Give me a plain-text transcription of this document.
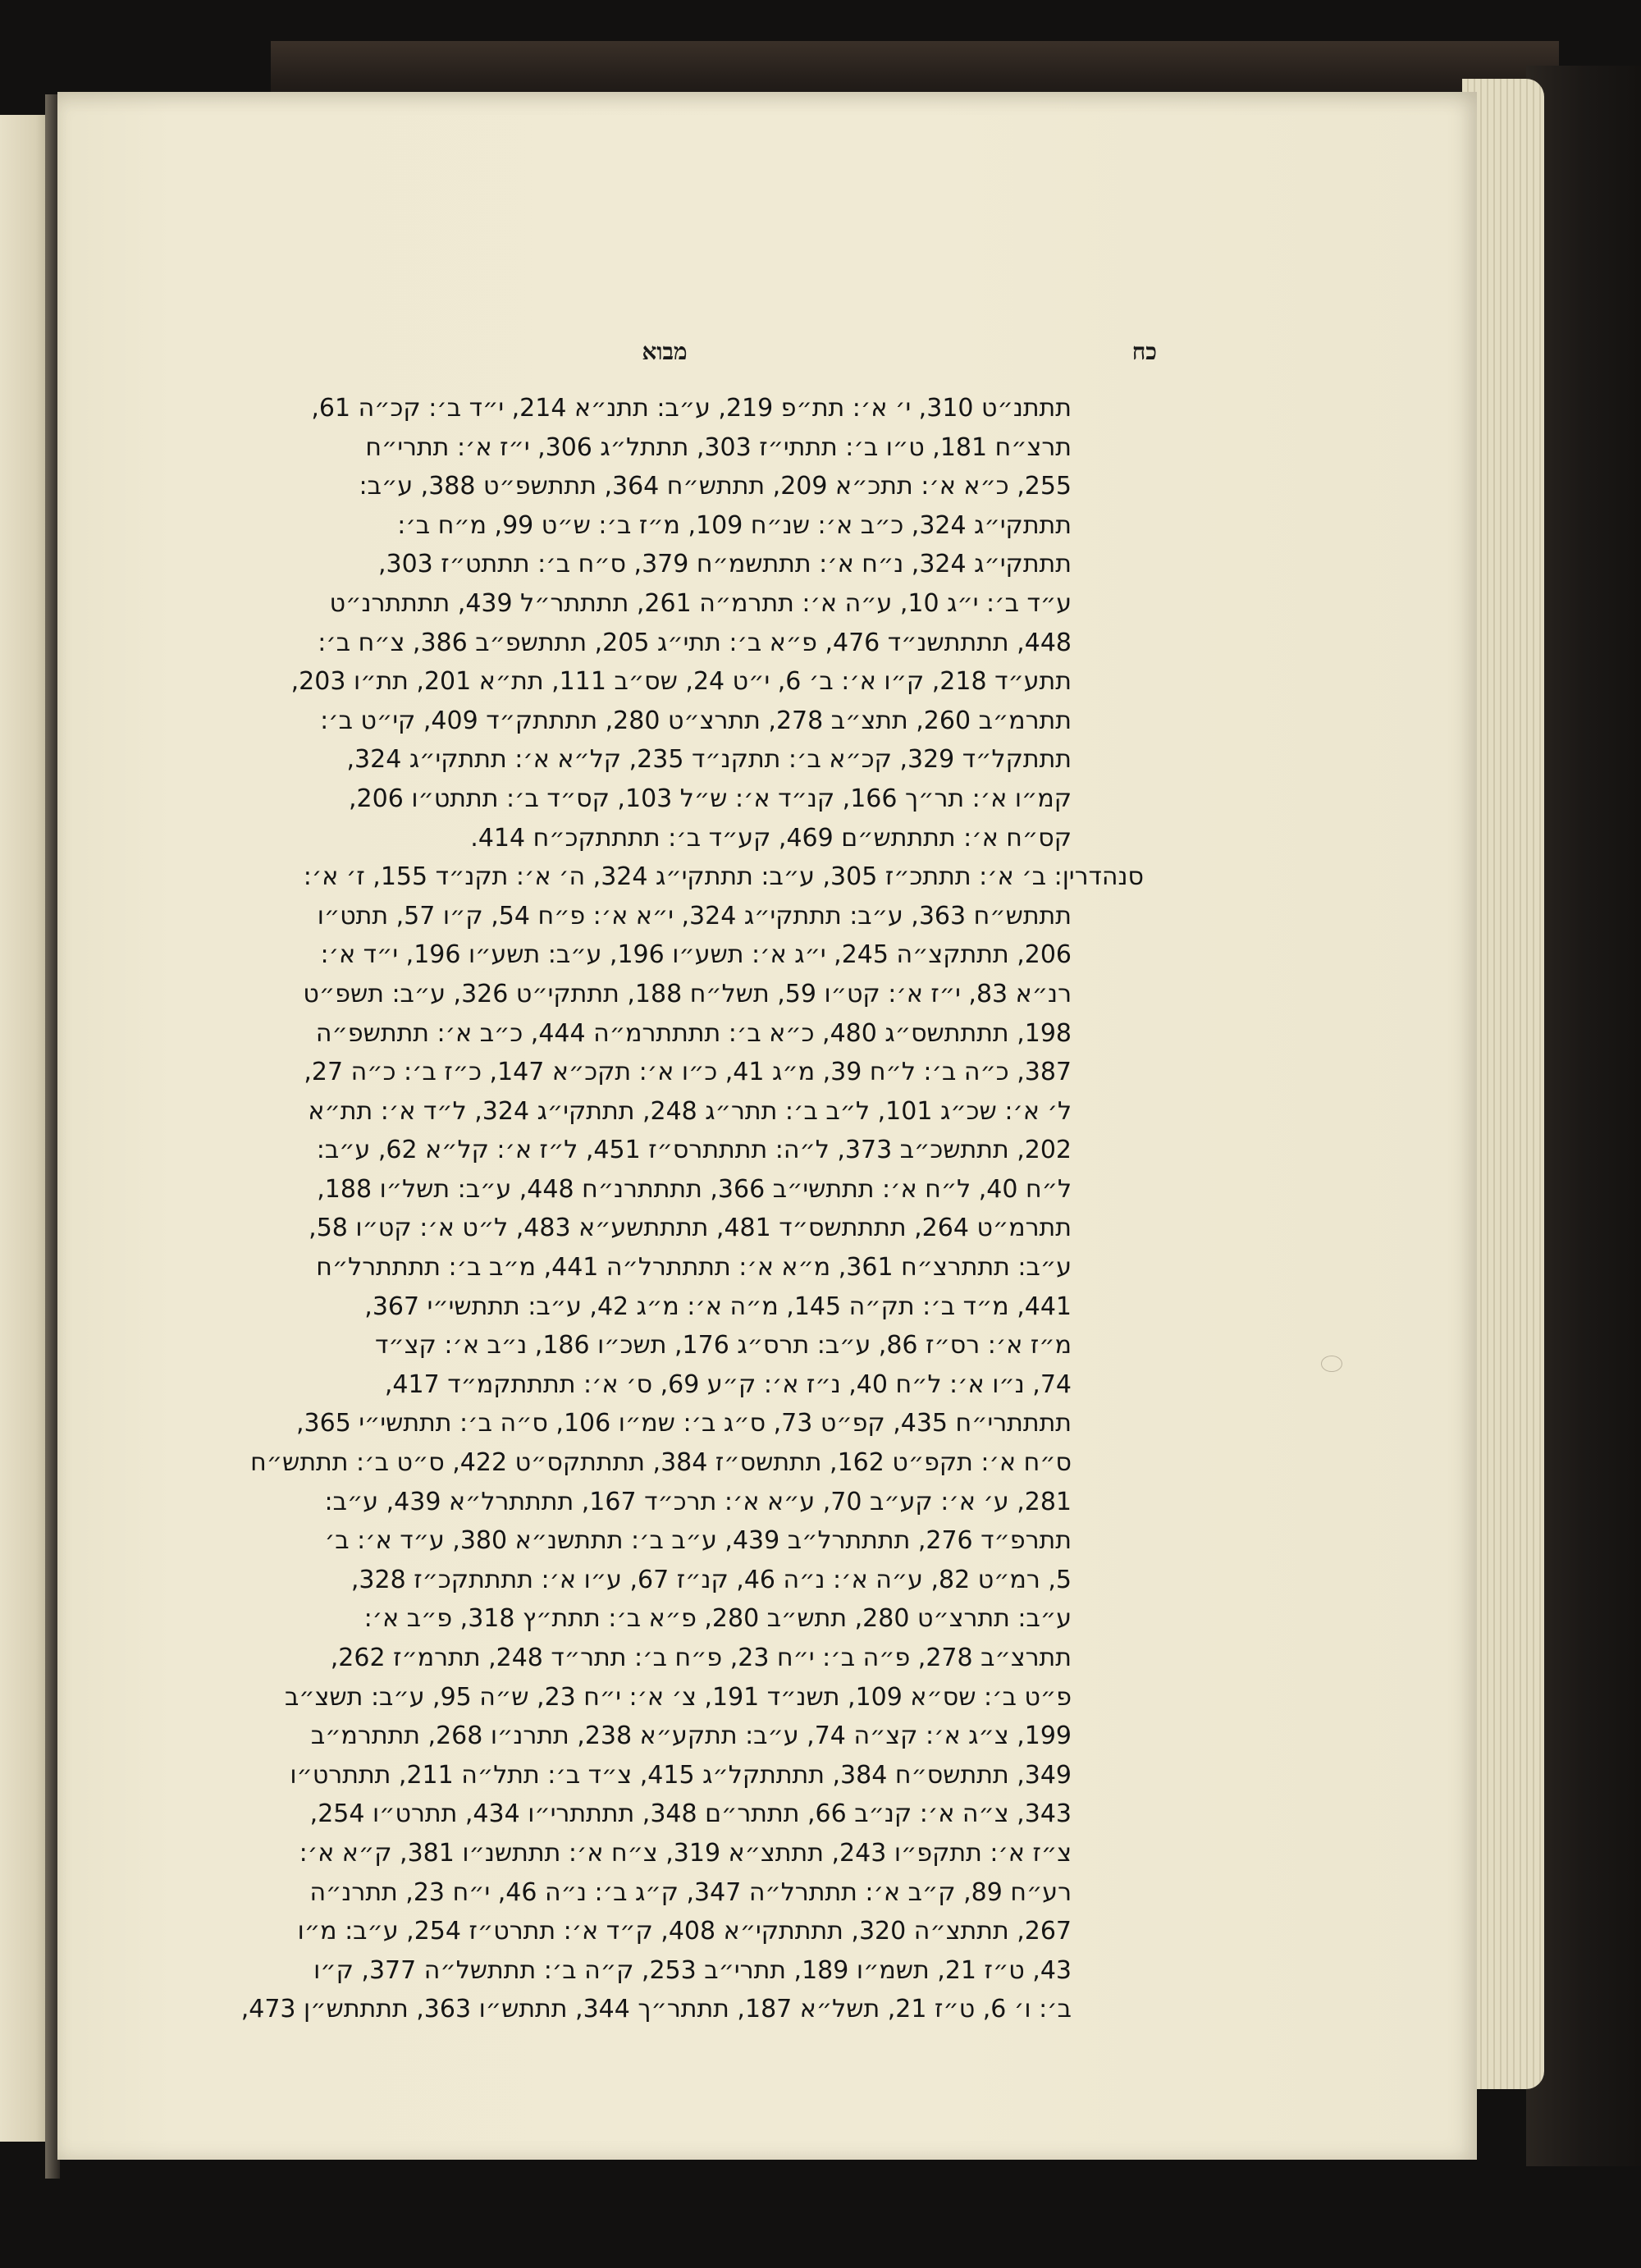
כח
מבוא
תתתנ״ט 310, י׳ א׳: תת״פ 219, ע״ב: תתנ״א 214, י״ד ב׳: קכ״ה 61,
תרצ״ח 181, ט״ו ב׳: תתתי״ז 303, תתתל״ג 306, י״ז א׳: תתרי״ח
255, כ״א א׳: תתכ״א 209, תתתש״ח 364, תתתשפ״ט 388, ע״ב:
תתתקי״ג 324, כ״ב א׳: שנ״ח 109, מ״ז ב׳: ש״ט 99, מ״ח ב׳:
תתתקי״ג 324, נ״ח א׳: תתתשמ״ח 379, ס״ח ב׳: תתתט״ז 303,
ע״ד ב׳: י״ג 10, ע״ה א׳: תתרמ״ה 261, תתתתר״ל 439, תתתתרנ״ט
448, תתתתשנ״ד 476, פ״א ב׳: תתי״ג 205, תתתשפ״ב 386, צ״ח ב׳:
תתע״ד 218, ק״ו א׳: ב׳ 6, י״ט 24, שס״ב 111, תת״א 201, תת״ו 203,
תתרמ״ב 260, תתצ״ב 278, תתרצ״ט 280, תתתתק״ד 409, קי״ט ב׳:
תתתקל״ד 329, קכ״א ב׳: תתקנ״ד 235, קל״א א׳: תתתקי״ג 324,
קמ״ו א׳: תר״ך 166, קנ״ד א׳: ש״ל 103, קס״ד ב׳: תתתט״ו 206,
קס״ח א׳: תתתתש״ם 469, קע״ד ב׳: תתתתקכ״ח 414.
סנהדרין: ב׳ א׳: תתתכ״ז 305, ע״ב: תתתקי״ג 324, ה׳ א׳: תקנ״ד 155, ז׳ א׳:
תתתש״ח 363, ע״ב: תתתקי״ג 324, י״א א׳: פ״ח 54, ק״ו 57, תתט״ו
206, תתתקצ״ה 245, י״ג א׳: תשע״ו 196, ע״ב: תשע״ו 196, י״ד א׳:
רנ״א 83, י״ז א׳: קט״ו 59, תשל״ח 188, תתתקי״ט 326, ע״ב: תשפ״ט
198, תתתתשס״ג 480, כ״א ב׳: תתתתרמ״ה 444, כ״ב א׳: תתתשפ״ה
387, כ״ה ב׳: ל״ח 39, מ״ג 41, כ״ו א׳: תקכ״א 147, כ״ז ב׳: כ״ה 27,
ל׳ א׳: שכ״ג 101, ל״ב ב׳: תתר״ג 248, תתתקי״ג 324, ל״ד א׳: תת״א
202, תתתשכ״ב 373, ל״ה: תתתתרס״ז 451, ל״ז א׳: קל״א 62, ע״ב:
ל״ח 40, ל״ח א׳: תתתשי״ב 366, תתתתרנ״ח 448, ע״ב: תשל״ו 188,
תתרמ״ט 264, תתתתשס״ד 481, תתתתשע״א 483, ל״ט א׳: קט״ו 58,
ע״ב: תתתרצ״ח 361, מ״א א׳: תתתתרל״ה 441, מ״ב ב׳: תתתתרל״ח
441, מ״ד ב׳: תק״ה 145, מ״ה א׳: מ״ג 42, ע״ב: תתתשי״י 367,
מ״ז א׳: רס״ז 86, ע״ב: תרס״ג 176, תשכ״ו 186, נ״ב א׳: קצ״ד
74, נ״ו א׳: ל״ח 40, נ״ז א׳: ק״ע 69, ס׳ א׳: תתתתקמ״ד 417,
תתתתרי״ח 435, קפ״ט 73, ס״ג ב׳: שמ״ו 106, ס״ה ב׳: תתתשי״י 365,
ס״ח א׳: תקפ״ט 162, תתתשס״ז 384, תתתתקס״ט 422, ס״ט ב׳: תתתש״ח
281, ע׳ א׳: קע״ב 70, ע״א א׳: תרכ״ד 167, תתתתרל״א 439, ע״ב:
תתרפ״ד 276, תתתתרל״ב 439, ע״ב ב׳: תתתשנ״א 380, ע״ד א׳: ב׳
5, רמ״ט 82, ע״ה א׳: נ״ה 46, קנ״ז 67, ע״ו א׳: תתתתקכ״ז 328,
ע״ב: תתרצ״ט 280, תתש״ב 280, פ״א ב׳: תתת״ץ 318, פ״ב א׳:
תתרצ״ב 278, פ״ה ב׳: י״ח 23, פ״ח ב׳: תתר״ד 248, תתרמ״ז 262,
פ״ט ב׳: שס״א 109, תשנ״ד 191, צ׳ א׳: י״ח 23, ש״ה 95, ע״ב: תשצ״ב
199, צ״ג א׳: קצ״ה 74, ע״ב: תתקע״א 238, תתרנ״ו 268, תתתרמ״ב
349, תתתשס״ח 384, תתתתקל״ג 415, צ״ד ב׳: תתל״ה 211, תתתרט״ו
343, צ״ה א׳: קנ״ב 66, תתתר״ם 348, תתתתרי״ו 434, תתרט״ו 254,
צ״ז א׳: תתקפ״ו 243, תתתצ״א 319, צ״ח א׳: תתתשנ״ו 381, ק״א א׳:
רע״ח 89, ק״ב א׳: תתתרל״ה 347, ק״ג ב׳: נ״ה 46, י״ח 23, תתרנ״ה
267, תתתצ״ה 320, תתתתקי״א 408, ק״ד א׳: תתרט״ז 254, ע״ב: מ״ו
43, ט״ז 21, תשמ״ו 189, תתרי״ב 253, ק״ה ב׳: תתתשל״ה 377, ק״ו
ב׳: ו׳ 6, ט״ז 21, תשל״א 187, תתתר״ך 344, תתתש״ו 363, תתתתש״ן 473,
